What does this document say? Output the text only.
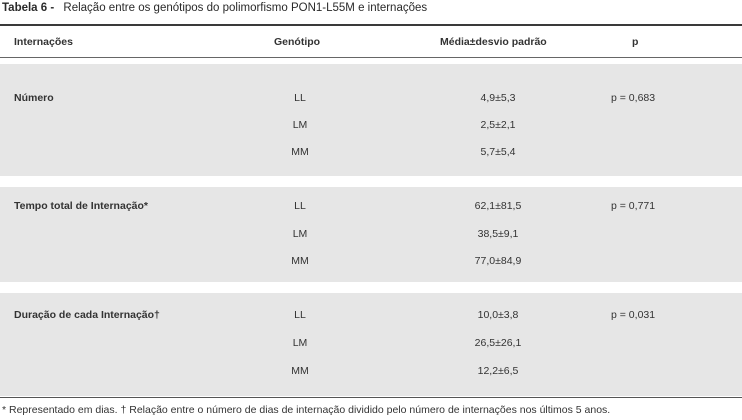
Tabela 6 - Relação entre os genótipos do polimorfismo PON1-L55M e internações
Internações	Genótipo	Média±desvio padrão	p
Número	LL	4,9±5,3	p = 0,683
LM	2,5±2,1
MM	5,7±5,4
Tempo total de Internação*	LL	62,1±81,5	p = 0,771
LM	38,5±9,1
MM	77,0±84,9
Duração de cada Internação†	LL	10,0±3,8	p = 0,031
LM	26,5±26,1
MM	12,2±6,5
* Representado em dias. † Relação entre o número de dias de internação dividido pelo número de internações nos últimos 5 anos.
